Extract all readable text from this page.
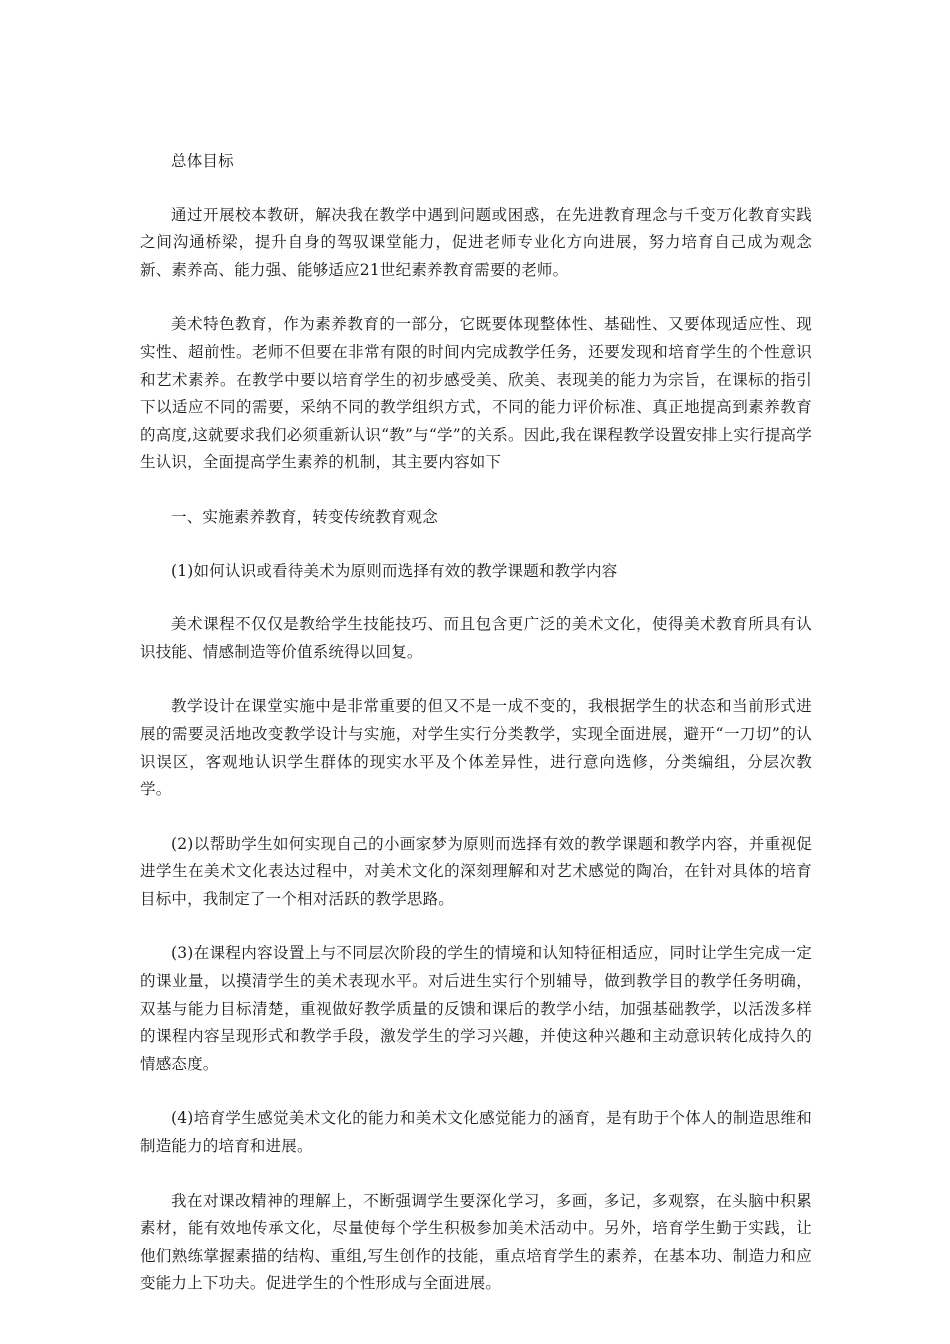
总体目标

通过开展校本教研，解决我在教学中遇到问题或困惑，在先进教育理念与千变万化教育实践之间沟通桥梁，提升自身的驾驭课堂能力，促进老师专业化方向进展，努力培育自己成为观念新、素养高、能力强、能够适应21世纪素养教育需要的老师。

美术特色教育，作为素养教育的一部分，它既要体现整体性、基础性、又要体现适应性、现实性、超前性。老师不但要在非常有限的时间内完成教学任务，还要发现和培育学生的个性意识和艺术素养。在教学中要以培育学生的初步感受美、欣美、表现美的能力为宗旨，在课标的指引下以适应不同的需要，采纳不同的教学组织方式，不同的能力评价标准、真正地提高到素养教育的高度,这就要求我们必须重新认识“教”与“学”的关系。因此,我在课程教学设置安排上实行提高学生认识，全面提高学生素养的机制，其主要内容如下

一、实施素养教育，转变传统教育观念

(1)如何认识或看待美术为原则而选择有效的教学课题和教学内容

美术课程不仅仅是教给学生技能技巧、而且包含更广泛的美术文化，使得美术教育所具有认识技能、情感制造等价值系统得以回复。

教学设计在课堂实施中是非常重要的但又不是一成不变的，我根据学生的状态和当前形式进展的需要灵活地改变教学设计与实施，对学生实行分类教学，实现全面进展，避开“一刀切”的认识误区，客观地认识学生群体的现实水平及个体差异性，进行意向选修，分类编组，分层次教学。

(2)以帮助学生如何实现自己的小画家梦为原则而选择有效的教学课题和教学内容，并重视促进学生在美术文化表达过程中，对美术文化的深刻理解和对艺术感觉的陶冶，在针对具体的培育目标中，我制定了一个相对活跃的教学思路。

(3)在课程内容设置上与不同层次阶段的学生的情境和认知特征相适应，同时让学生完成一定的课业量，以摸清学生的美术表现水平。对后进生实行个别辅导，做到教学目的教学任务明确，双基与能力目标清楚，重视做好教学质量的反馈和课后的教学小结，加强基础教学，以活泼多样的课程内容呈现形式和教学手段，激发学生的学习兴趣，并使这种兴趣和主动意识转化成持久的情感态度。

(4)培育学生感觉美术文化的能力和美术文化感觉能力的涵育，是有助于个体人的制造思维和制造能力的培育和进展。

我在对课改精神的理解上，不断强调学生要深化学习，多画，多记，多观察，在头脑中积累素材，能有效地传承文化，尽量使每个学生积极参加美术活动中。另外，培育学生勤于实践，让他们熟练掌握素描的结构、重组,写生创作的技能，重点培育学生的素养，在基本功、制造力和应变能力上下功夫。促进学生的个性形成与全面进展。
